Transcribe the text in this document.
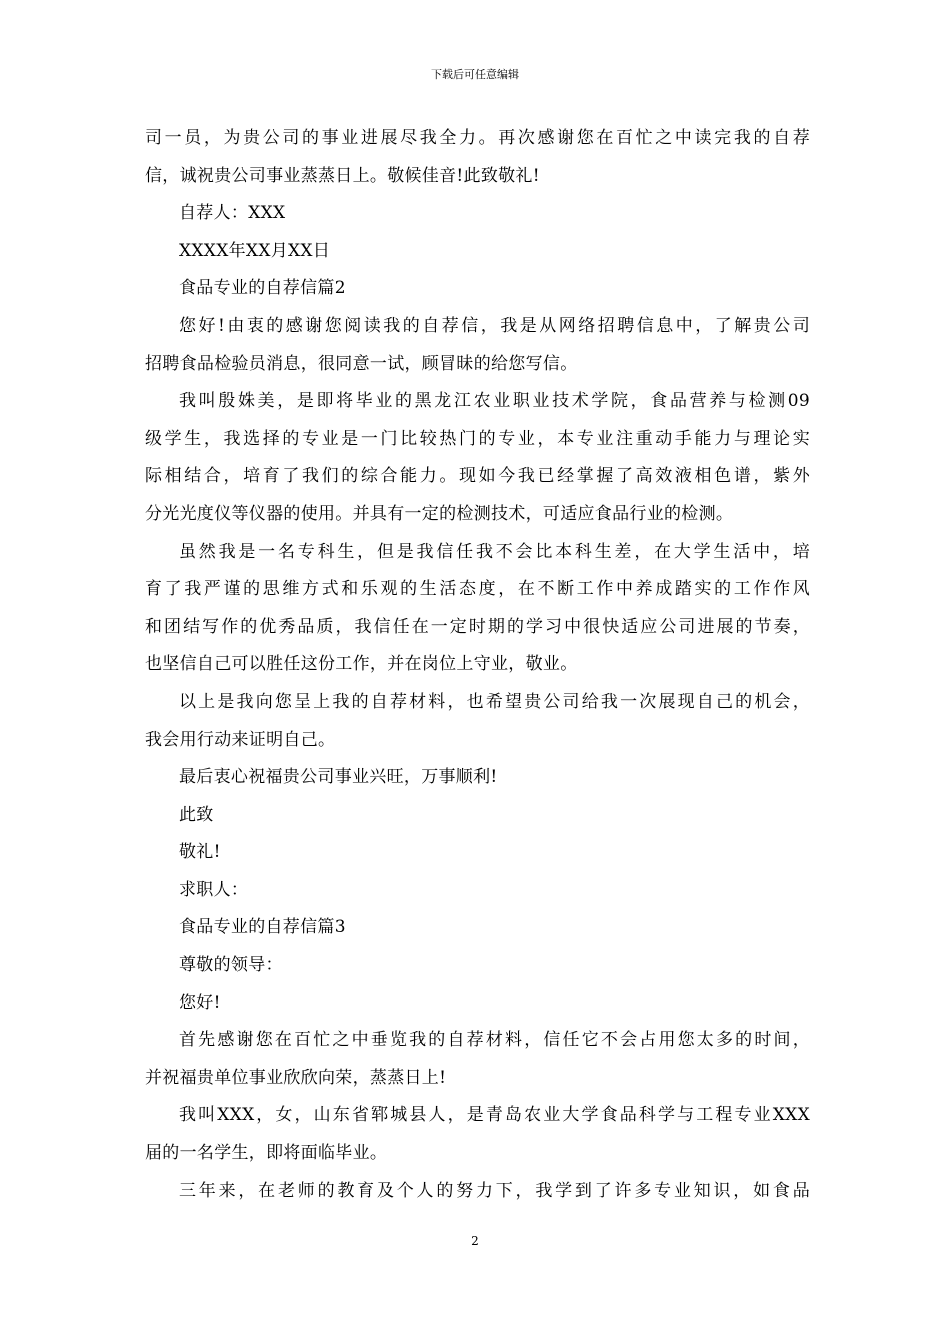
下载后可任意编辑
司一员，为贵公司的事业进展尽我全力。再次感谢您在百忙之中读完我的自荐
信，诚祝贵公司事业蒸蒸日上。敬候佳音!此致敬礼!
自荐人：XXX
XXXX年XX月XX日
食品专业的自荐信篇2
您好!由衷的感谢您阅读我的自荐信，我是从网络招聘信息中，了解贵公司
招聘食品检验员消息，很同意一试，顾冒昧的给您写信。
我叫殷姝美，是即将毕业的黑龙江农业职业技术学院，食品营养与检测09
级学生，我选择的专业是一门比较热门的专业，本专业注重动手能力与理论实
际相结合，培育了我们的综合能力。现如今我已经掌握了高效液相色谱，紫外
分光光度仪等仪器的使用。并具有一定的检测技术，可适应食品行业的检测。
虽然我是一名专科生，但是我信任我不会比本科生差，在大学生活中，培
育了我严谨的思维方式和乐观的生活态度，在不断工作中养成踏实的工作作风
和团结写作的优秀品质，我信任在一定时期的学习中很快适应公司进展的节奏，
也坚信自己可以胜任这份工作，并在岗位上守业，敬业。
以上是我向您呈上我的自荐材料，也希望贵公司给我一次展现自己的机会，
我会用行动来证明自己。
最后衷心祝福贵公司事业兴旺，万事顺利!
此致
敬礼!
求职人：
食品专业的自荐信篇3
尊敬的领导：
您好!
首先感谢您在百忙之中垂览我的自荐材料，信任它不会占用您太多的时间，
并祝福贵单位事业欣欣向荣，蒸蒸日上!
我叫XXX，女，山东省郓城县人，是青岛农业大学食品科学与工程专业XXX
届的一名学生，即将面临毕业。
三年来，在老师的教育及个人的努力下，我学到了许多专业知识，如食品
2
